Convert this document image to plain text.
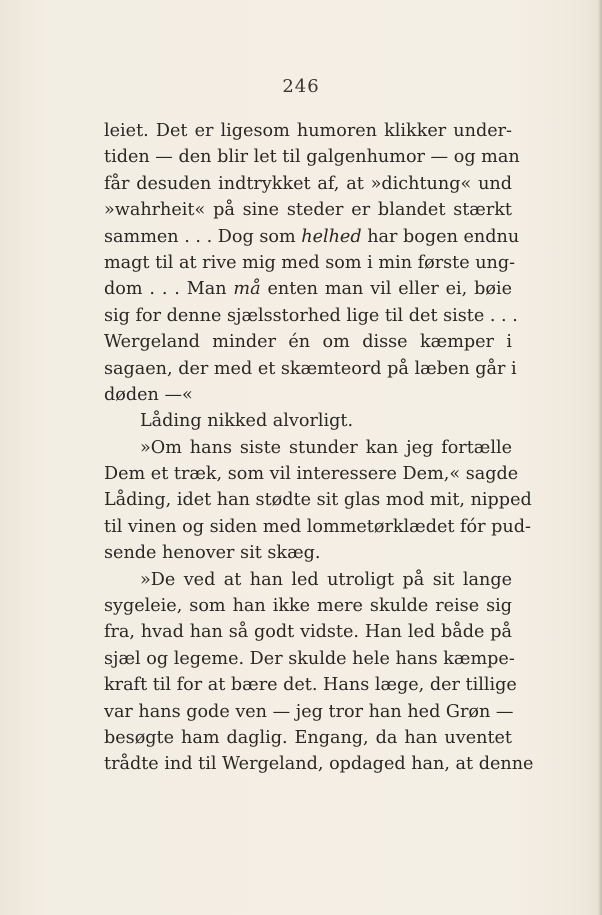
246
leiet. Det er ligesom humoren klikker under-
tiden — den blir let til galgenhumor — og man
får desuden indtrykket af, at »dichtung« und
»wahrheit« på sine steder er blandet stærkt
sammen . . . Dog som helhed har bogen endnu
magt til at rive mig med som i min første ung-
dom . . . Man må enten man vil eller ei, bøie
sig for denne sjælsstorhed lige til det siste . . .
Wergeland minder én om disse kæmper i
sagaen, der med et skæmteord på læben går i
døden —«
Låding nikked alvorligt.
»Om hans siste stunder kan jeg fortælle
Dem et træk, som vil interessere Dem,« sagde
Låding, idet han stødte sit glas mod mit, nipped
til vinen og siden med lommetørklædet fór pud-
sende henover sit skæg.
»De ved at han led utroligt på sit lange
sygeleie, som han ikke mere skulde reise sig
fra, hvad han så godt vidste. Han led både på
sjæl og legeme. Der skulde hele hans kæmpe-
kraft til for at bære det. Hans læge, der tillige
var hans gode ven — jeg tror han hed Grøn —
besøgte ham daglig. Engang, da han uventet
trådte ind til Wergeland, opdaged han, at denne
